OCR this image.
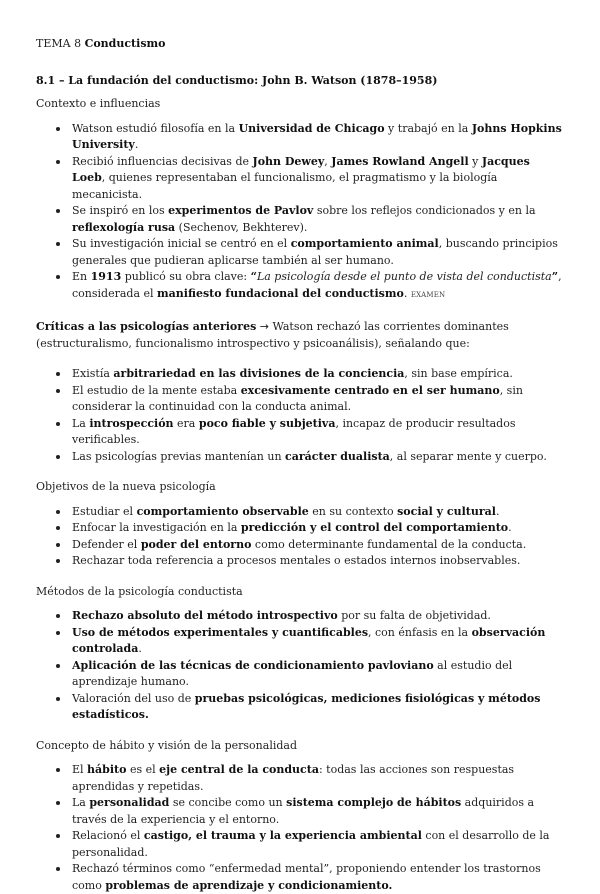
TEMA 8 Conductismo

8.1 – La fundación del conductismo: John B. Watson (1878–1958)

Contexto e influencias

Watson estudió filosofía en la Universidad de Chicago y trabajó en la Johns Hopkins University.
Recibió influencias decisivas de John Dewey, James Rowland Angell y Jacques Loeb, quienes representaban el funcionalismo, el pragmatismo y la biología mecanicista.
Se inspiró en los experimentos de Pavlov sobre los reflejos condicionados y en la reflexología rusa (Sechenov, Bekhterev).
Su investigación inicial se centró en el comportamiento animal, buscando principios generales que pudieran aplicarse también al ser humano.
En 1913 publicó su obra clave: “La psicología desde el punto de vista del conductista”, considerada el manifiesto fundacional del conductismo. EXAMEN

Críticas a las psicologías anteriores → Watson rechazó las corrientes dominantes (estructuralismo, funcionalismo introspectivo y psicoanálisis), señalando que:

Existía arbitrariedad en las divisiones de la conciencia, sin base empírica.
El estudio de la mente estaba excesivamente centrado en el ser humano, sin considerar la continuidad con la conducta animal.
La introspección era poco fiable y subjetiva, incapaz de producir resultados verificables.
Las psicologías previas mantenían un carácter dualista, al separar mente y cuerpo.

Objetivos de la nueva psicología

Estudiar el comportamiento observable en su contexto social y cultural.
Enfocar la investigación en la predicción y el control del comportamiento.
Defender el poder del entorno como determinante fundamental de la conducta.
Rechazar toda referencia a procesos mentales o estados internos inobservables.

Métodos de la psicología conductista

Rechazo absoluto del método introspectivo por su falta de objetividad.
Uso de métodos experimentales y cuantificables, con énfasis en la observación controlada.
Aplicación de las técnicas de condicionamiento pavloviano al estudio del aprendizaje humano.
Valoración del uso de pruebas psicológicas, mediciones fisiológicas y métodos estadísticos.

Concepto de hábito y visión de la personalidad

El hábito es el eje central de la conducta: todas las acciones son respuestas aprendidas y repetidas.
La personalidad se concibe como un sistema complejo de hábitos adquiridos a través de la experiencia y el entorno.
Relacionó el castigo, el trauma y la experiencia ambiental con el desarrollo de la personalidad.
Rechazó términos como “enfermedad mental”, proponiendo entender los trastornos como problemas de aprendizaje y condicionamiento.
